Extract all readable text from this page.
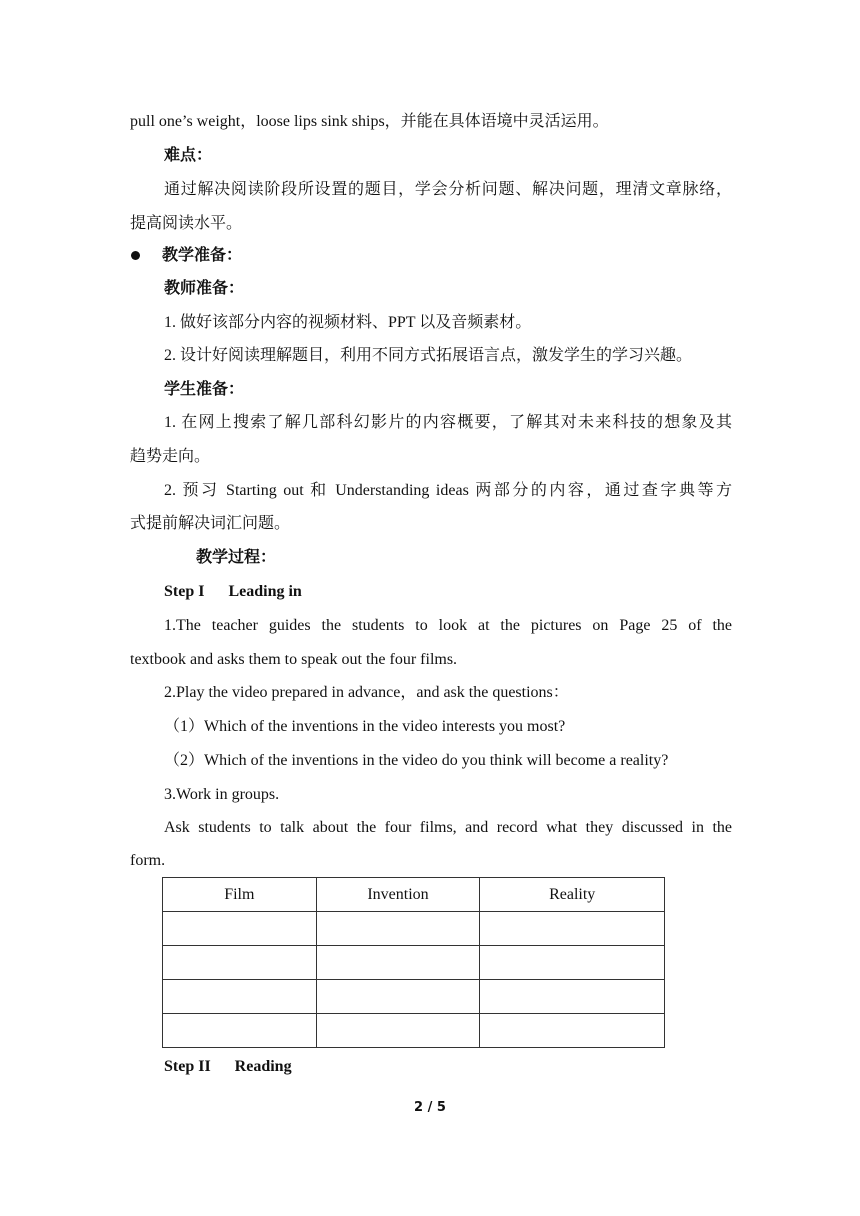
pull one’s weight，loose lips sink ships，并能在具体语境中灵活运用。
难点：
通过解决阅读阶段所设置的题目，学会分析问题、解决问题，理清文章脉络，
提高阅读水平。
教学准备：
教师准备：
1. 做好该部分内容的视频材料、PPT 以及音频素材。
2. 设计好阅读理解题目，利用不同方式拓展语言点，激发学生的学习兴趣。
学生准备：
1. 在网上搜索了解几部科幻影片的内容概要，了解其对未来科技的想象及其
趋势走向。
2. 预习 Starting out 和 Understanding ideas 两部分的内容，通过查字典等方
式提前解决词汇问题。
教学过程：
Step I      Leading in
1.The teacher guides the students to look at the pictures on Page 25 of the
textbook and asks them to speak out the four films.
2.Play the video prepared in advance，and ask the questions：
（1）Which of the inventions in the video interests you most?
（2）Which of the inventions in the video do you think will become a reality?
3.Work in groups.
Ask students to talk about the four films, and record what they discussed in the
form.
Film	Invention	Reality

Step II      Reading
2 / 5
